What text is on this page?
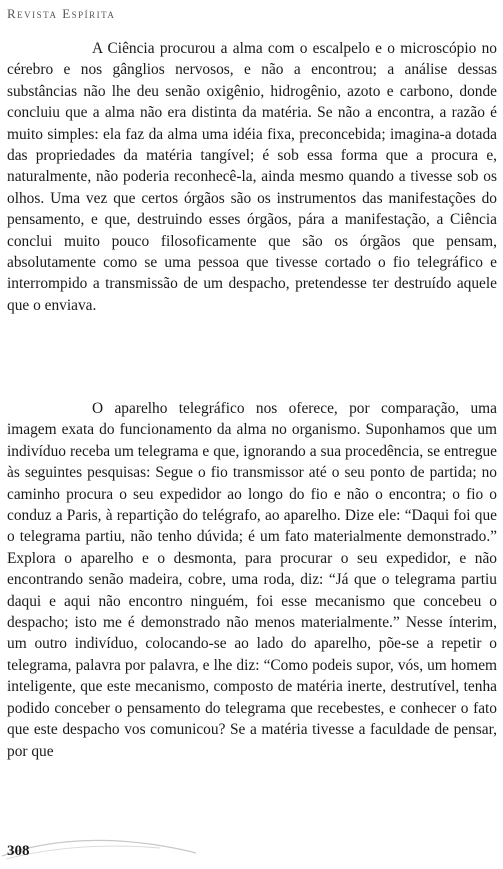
Revista Espírita

A Ciência procurou a alma com o escalpelo e o microscópio no cérebro e nos gânglios nervosos, e não a encontrou; a análise dessas substâncias não lhe deu senão oxigênio, hidrogênio, azoto e carbono, donde concluiu que a alma não era distinta da matéria. Se não a encontra, a razão é muito simples: ela faz da alma uma idéia fixa, preconcebida; imagina-a dotada das propriedades da matéria tangível; é sob essa forma que a procura e, naturalmente, não poderia reconhecê-la, ainda mesmo quando a tivesse sob os olhos. Uma vez que certos órgãos são os instrumentos das manifestações do pensamento, e que, destruindo esses órgãos, pára a manifestação, a Ciência conclui muito pouco filosoficamente que são os órgãos que pensam, absolutamente como se uma pessoa que tivesse cortado o fio telegráfico e interrompido a transmissão de um despacho, pretendesse ter destruído aquele que o enviava.

O aparelho telegráfico nos oferece, por comparação, uma imagem exata do funcionamento da alma no organismo. Suponhamos que um indivíduo receba um telegrama e que, ignorando a sua procedência, se entregue às seguintes pesquisas: Segue o fio transmissor até o seu ponto de partida; no caminho procura o seu expedidor ao longo do fio e não o encontra; o fio o conduz a Paris, à repartição do telégrafo, ao aparelho. Dize ele: “Daqui foi que o telegrama partiu, não tenho dúvida; é um fato materialmente demonstrado.” Explora o aparelho e o desmonta, para procurar o seu expedidor, e não encontrando senão madeira, cobre, uma roda, diz: “Já que o telegrama partiu daqui e aqui não encontro ninguém, foi esse mecanismo que concebeu o despacho; isto me é demonstrado não menos materialmente.” Nesse ínterim, um outro indivíduo, colocando-se ao lado do aparelho, põe-se a repetir o telegrama, palavra por palavra, e lhe diz: “Como podeis supor, vós, um homem inteligente, que este mecanismo, composto de matéria inerte, destrutível, tenha podido conceber o pensamento do telegrama que recebestes, e conhecer o fato que este despacho vos comunicou? Se a matéria tivesse a faculdade de pensar, por que

308
